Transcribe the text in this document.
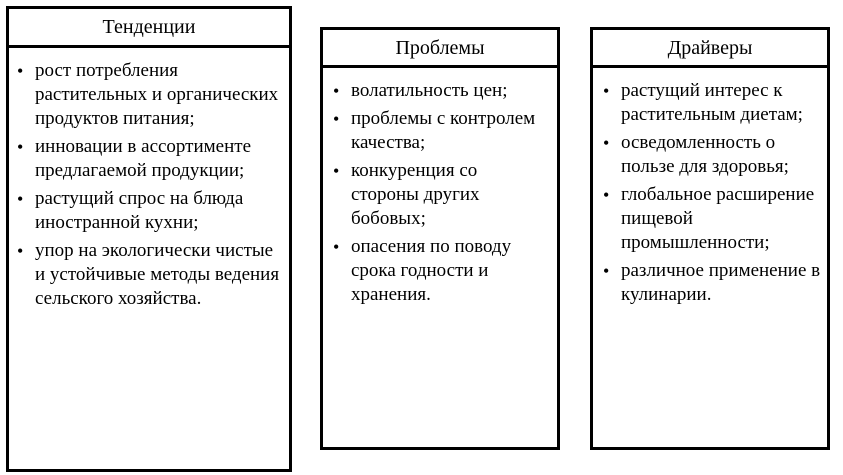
Тенденции
• рост потребления растительных и органических продуктов питания;
• инновации в ассортименте предлагаемой продукции;
• растущий спрос на блюда иностранной кухни;
• упор на экологически чистые и устойчивые методы ведения сельского хозяйства.
Проблемы
• волатильность цен;
• проблемы с контролем качества;
• конкуренция со стороны других бобовых;
• опасения по поводу срока годности и хранения.
Драйверы
• растущий интерес к растительным диетам;
• осведомленность о пользе для здоровья;
• глобальное расширение пищевой промышленности;
• различное применение в кулинарии.
